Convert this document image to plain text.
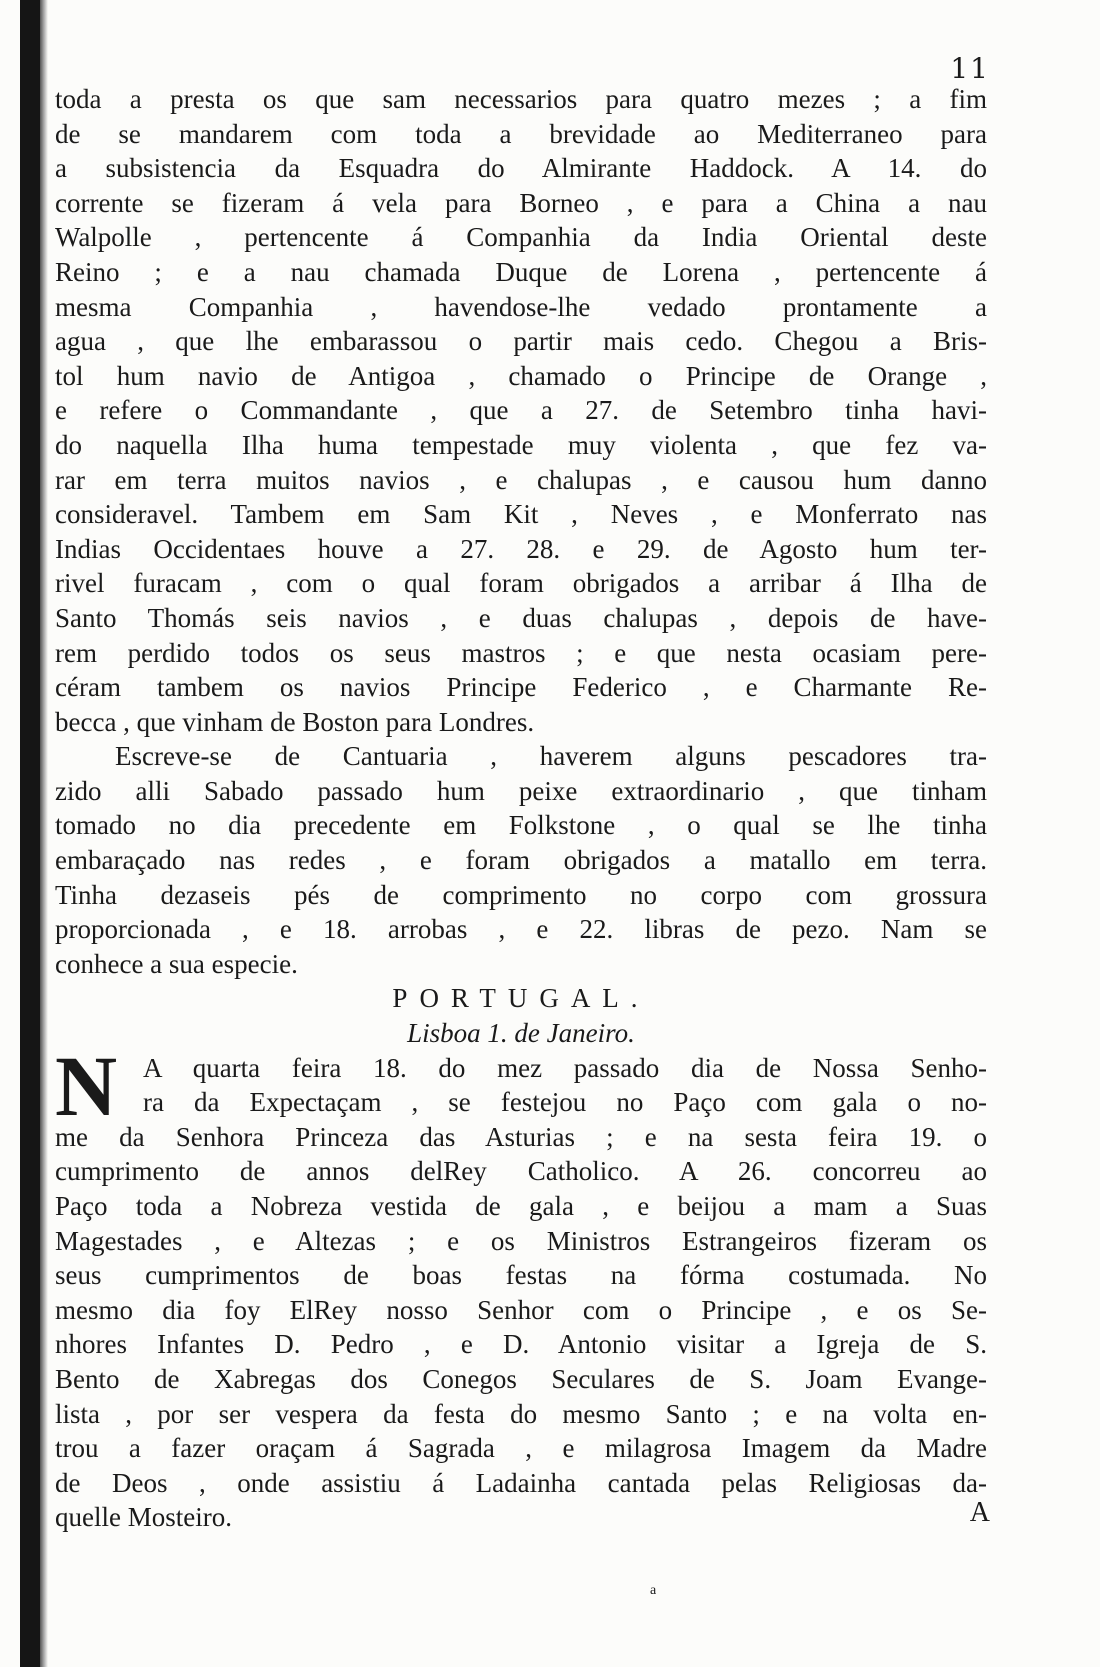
11
toda a presta os que sam necessarios para quatro mezes ; a fim
de se mandarem com toda a brevidade ao Mediterraneo para
a subsistencia da Esquadra do Almirante Haddock. A 14. do
corrente se fizeram á vela para Borneo , e para a China a nau
Walpolle , pertencente á Companhia da India Oriental deste
Reino ; e a nau chamada Duque de Lorena , pertencente á
mesma Companhia , havendose-lhe vedado prontamente a
agua , que lhe embarassou o partir mais cedo. Chegou a Bris-
tol hum navio de Antigoa , chamado o Principe de Orange ,
e refere o Commandante , que a 27. de Setembro tinha havi-
do naquella Ilha huma tempestade muy violenta , que fez va-
rar em terra muitos navios , e chalupas , e causou hum danno
consideravel. Tambem em Sam Kit , Neves , e Monferrato nas
Indias Occidentaes houve a 27. 28. e 29. de Agosto hum ter-
rivel furacam , com o qual foram obrigados a arribar á Ilha de
Santo Thomás seis navios , e duas chalupas , depois de have-
rem perdido todos os seus mastros ; e que nesta ocasiam pere-
céram tambem os navios Principe Federico , e Charmante Re-
becca , que vinham de Boston para Londres.
Escreve-se de Cantuaria , haverem alguns pescadores tra-
zido alli Sabado passado hum peixe extraordinario , que tinham
tomado no dia precedente em Folkstone , o qual se lhe tinha
embaraçado nas redes , e foram obrigados a matallo em terra.
Tinha dezaseis pés de comprimento no corpo com grossura
proporcionada , e 18. arrobas , e 22. libras de pezo. Nam se
conhece a sua especie.
PORTUGAL.
Lisboa 1. de Janeiro.
N A quarta feira 18. do mez passado dia de Nossa Senho-
ra da Expectaçam , se festejou no Paço com gala o no-
me da Senhora Princeza das Asturias ; e na sesta feira 19. o
cumprimento de annos delRey Catholico. A 26. concorreu ao
Paço toda a Nobreza vestida de gala , e beijou a mam a Suas
Magestades , e Altezas ; e os Ministros Estrangeiros fizeram os
seus cumprimentos de boas festas na fórma costumada. No
mesmo dia foy ElRey nosso Senhor com o Principe , e os Se-
nhores Infantes D. Pedro , e D. Antonio visitar a Igreja de S.
Bento de Xabregas dos Conegos Seculares de S. Joam Evange-
lista , por ser vespera da festa do mesmo Santo ; e na volta en-
trou a fazer oraçam á Sagrada , e milagrosa Imagem da Madre
de Deos , onde assistiu á Ladainha cantada pelas Religiosas da-
quelle Mosteiro.	A
a
